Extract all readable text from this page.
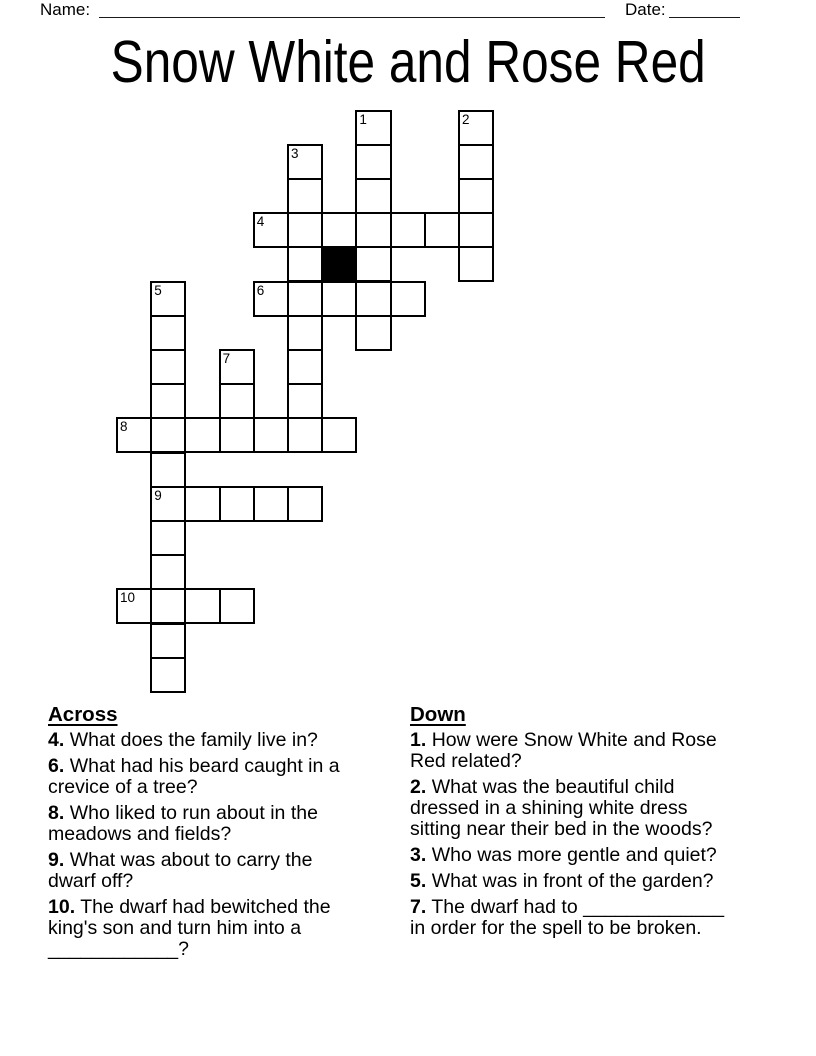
Name:	Date:
Snow White and Rose Red
1	2
3
4
5	6
7
8
9
10
Across
4. What does the family live in?
6. What had his beard caught in a
crevice of a tree?
8. Who liked to run about in the
meadows and fields?
9. What was about to carry the
dwarf off?
10. The dwarf had bewitched the
king's son and turn him into a
____________?
Down
1. How were Snow White and Rose
Red related?
2. What was the beautiful child
dressed in a shining white dress
sitting near their bed in the woods?
3. Who was more gentle and quiet?
5. What was in front of the garden?
7. The dwarf had to _____________
in order for the spell to be broken.
